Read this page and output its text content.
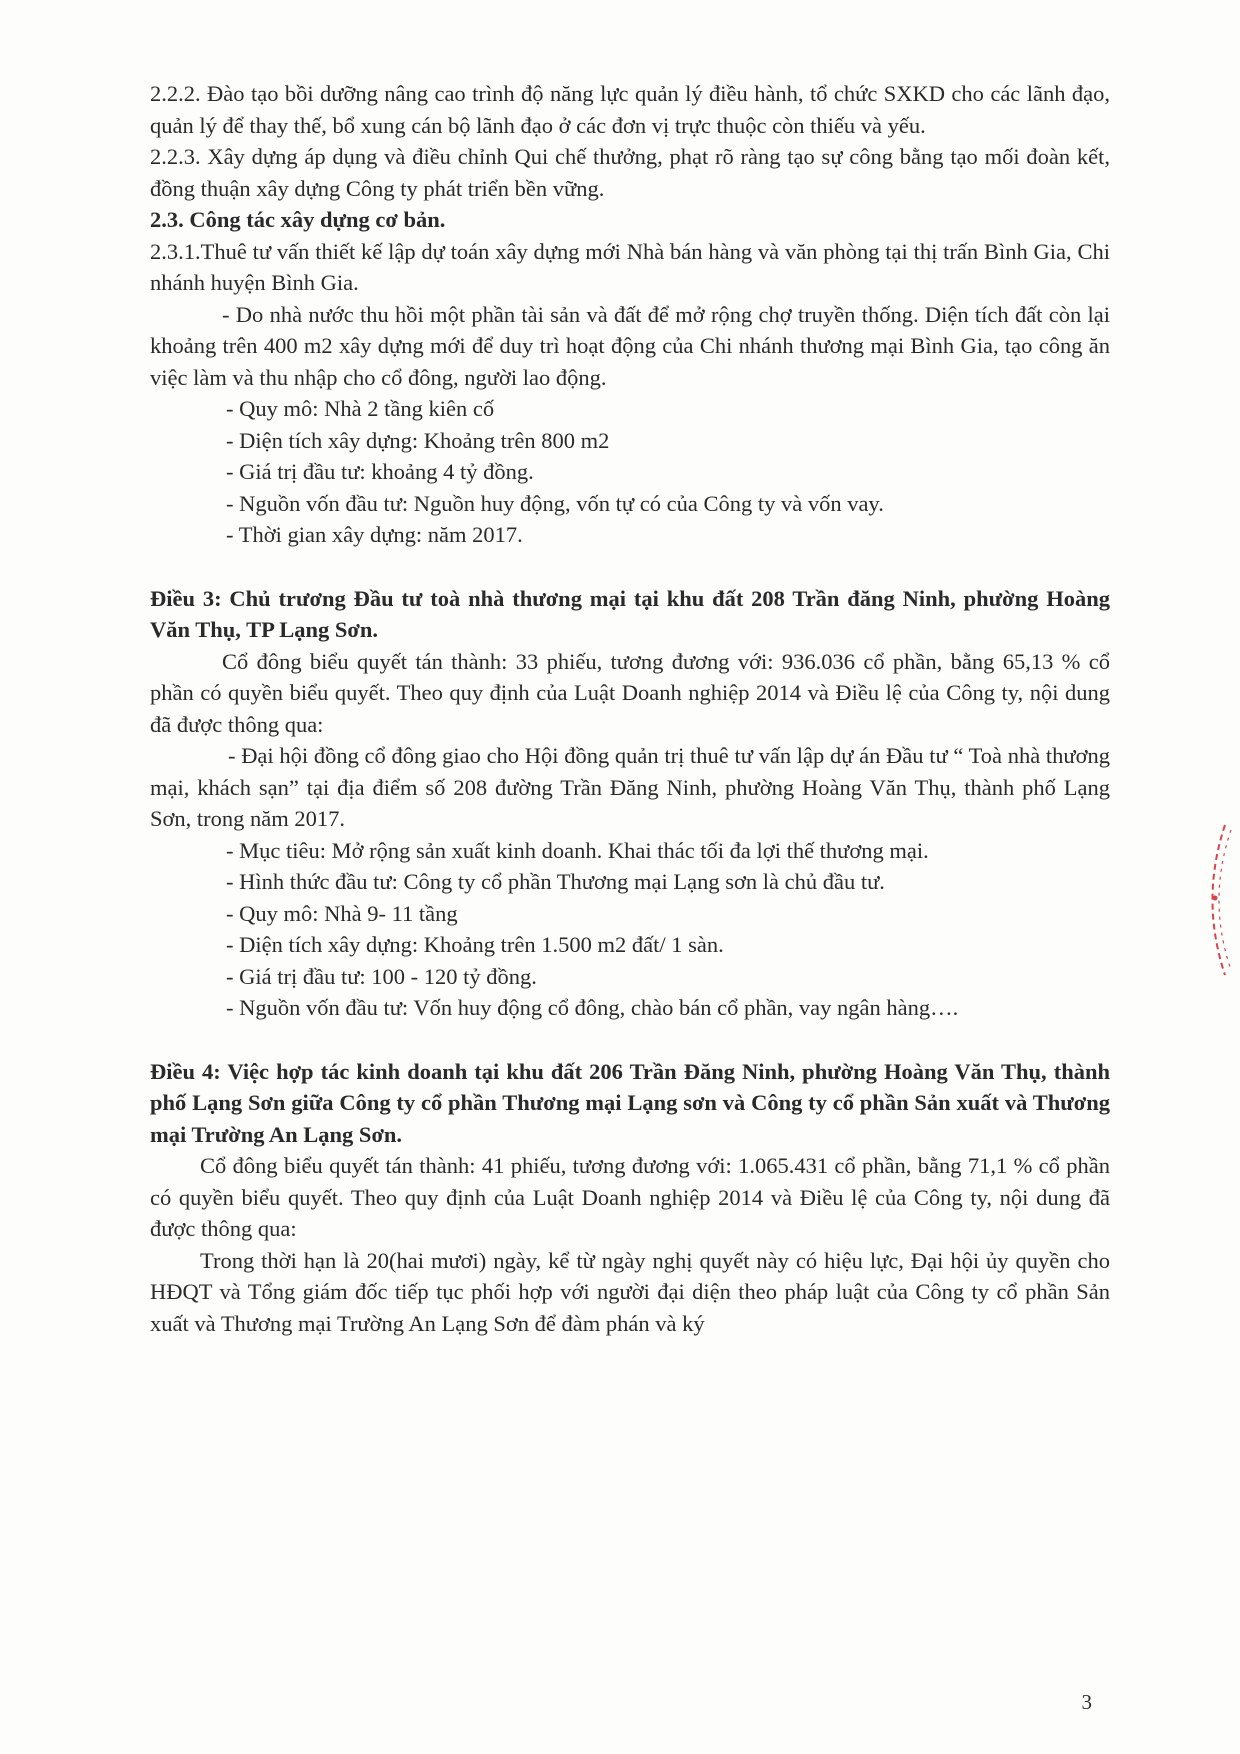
2.2.2. Đào tạo bồi dưỡng nâng cao trình độ năng lực quản lý điều hành, tổ chức SXKD cho các lãnh đạo, quản lý để thay thế, bổ xung cán bộ lãnh đạo ở các đơn vị trực thuộc còn thiếu và yếu.

2.2.3. Xây dựng áp dụng và điều chỉnh Qui chế thưởng, phạt rõ ràng tạo sự công bằng tạo mối đoàn kết, đồng thuận xây dựng Công ty phát triển bền vững.

2.3. Công tác xây dựng cơ bản.

2.3.1.Thuê tư vấn thiết kế lập dự toán xây dựng mới Nhà bán hàng và văn phòng tại thị trấn Bình Gia, Chi nhánh huyện Bình Gia.

- Do nhà nước thu hồi một phần tài sản và đất để mở rộng chợ truyền thống. Diện tích đất còn lại khoảng trên 400 m2 xây dựng mới để duy trì hoạt động của Chi nhánh thương mại Bình Gia, tạo công ăn việc làm và thu nhập cho cổ đông, người lao động.

- Quy mô: Nhà 2 tầng kiên cố

- Diện tích xây dựng: Khoảng trên 800 m2

- Giá trị đầu tư: khoảng 4 tỷ đồng.

- Nguồn vốn đầu tư: Nguồn huy động, vốn tự có của Công ty và vốn vay.

- Thời gian xây dựng: năm 2017.

Điều 3: Chủ trương Đầu tư toà nhà thương mại tại khu đất 208 Trần đăng Ninh, phường Hoàng Văn Thụ, TP Lạng Sơn.

Cổ đông biểu quyết tán thành: 33 phiếu, tương đương với: 936.036 cổ phần, bằng 65,13 % cổ phần có quyền biểu quyết. Theo quy định của Luật Doanh nghiệp 2014 và Điều lệ của Công ty, nội dung đã được thông qua:

- Đại hội đồng cổ đông giao cho Hội đồng quản trị thuê tư vấn lập dự án Đầu tư “ Toà nhà thương mại, khách sạn” tại địa điểm số 208 đường Trần Đăng Ninh, phường Hoàng Văn Thụ, thành phố Lạng Sơn, trong năm 2017.

- Mục tiêu: Mở rộng sản xuất kinh doanh. Khai thác tối đa lợi thế thương mại.

- Hình thức đầu tư: Công ty cổ phần Thương mại Lạng sơn là chủ đầu tư.

- Quy mô: Nhà 9- 11 tầng

- Diện tích xây dựng: Khoảng trên 1.500 m2 đất/ 1 sàn.

- Giá trị đầu tư: 100 - 120 tỷ đồng.

- Nguồn vốn đầu tư: Vốn huy động cổ đông, chào bán cổ phần, vay ngân hàng….

Điều 4: Việc hợp tác kinh doanh tại khu đất 206 Trần Đăng Ninh, phường Hoàng Văn Thụ, thành phố Lạng Sơn giữa Công ty cổ phần Thương mại Lạng sơn và Công ty cổ phần Sản xuất và Thương mại Trường An Lạng Sơn.

Cổ đông biểu quyết tán thành: 41 phiếu, tương đương với: 1.065.431 cổ phần, bằng 71,1 % cổ phần có quyền biểu quyết. Theo quy định của Luật Doanh nghiệp 2014 và Điều lệ của Công ty, nội dung đã được thông qua:

Trong thời hạn là 20(hai mươi) ngày, kể từ ngày nghị quyết này có hiệu lực, Đại hội ủy quyền cho HĐQT và Tổng giám đốc tiếp tục phối hợp với người đại diện theo pháp luật của Công ty cổ phần Sản xuất và Thương mại Trường An Lạng Sơn để đàm phán và ký

3
